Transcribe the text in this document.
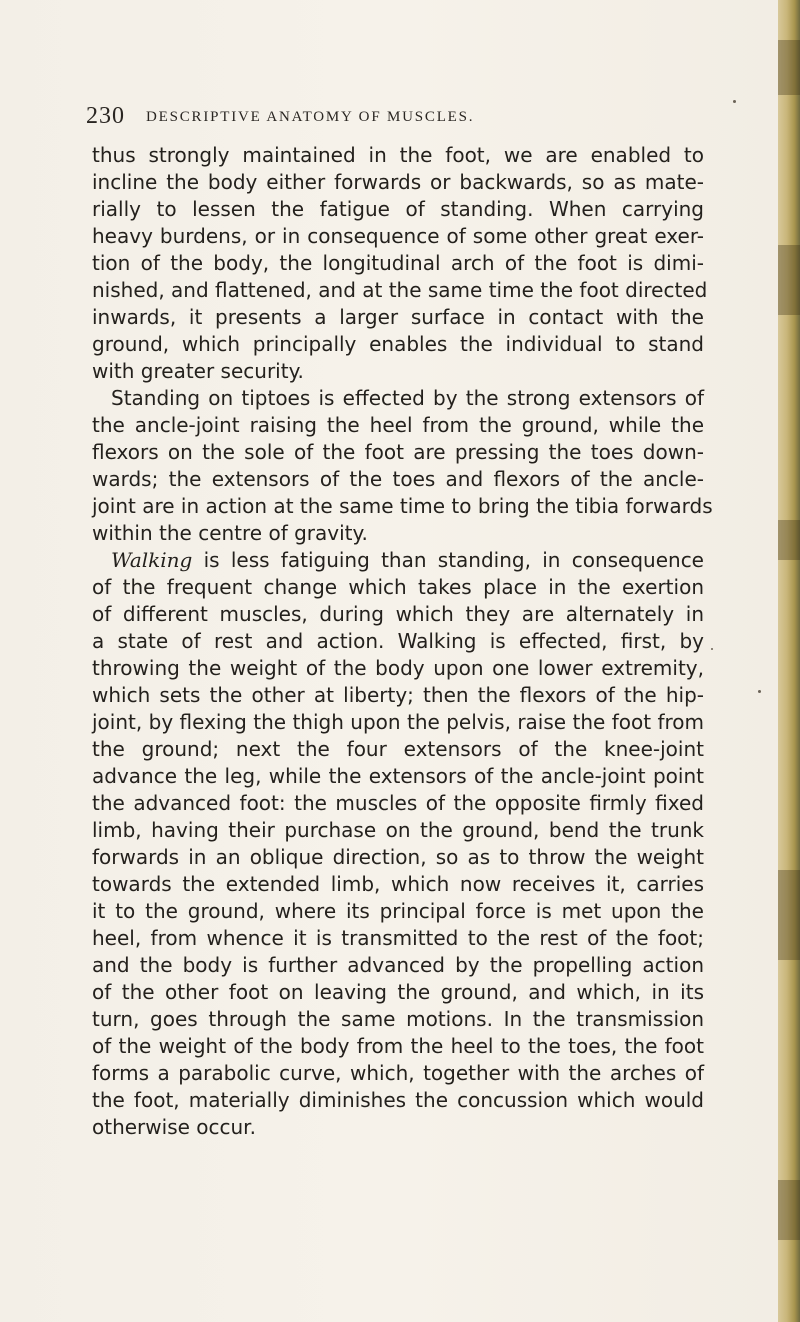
230 DESCRIPTIVE ANATOMY OF MUSCLES.
thus strongly maintained in the foot, we are enabled to
incline the body either forwards or backwards, so as mate-
rially to lessen the fatigue of standing. When carrying
heavy burdens, or in consequence of some other great exer-
tion of the body, the longitudinal arch of the foot is dimi-
nished, and flattened, and at the same time the foot directed
inwards, it presents a larger surface in contact with the
ground, which principally enables the individual to stand
with greater security.
Standing on tiptoes is effected by the strong extensors of
the ancle-joint raising the heel from the ground, while the
flexors on the sole of the foot are pressing the toes down-
wards; the extensors of the toes and flexors of the ancle-
joint are in action at the same time to bring the tibia forwards
within the centre of gravity.
Walking is less fatiguing than standing, in consequence
of the frequent change which takes place in the exertion
of different muscles, during which they are alternately in
a state of rest and action. Walking is effected, first, by
throwing the weight of the body upon one lower extremity,
which sets the other at liberty; then the flexors of the hip-
joint, by flexing the thigh upon the pelvis, raise the foot from
the ground; next the four extensors of the knee-joint
advance the leg, while the extensors of the ancle-joint point
the advanced foot: the muscles of the opposite firmly fixed
limb, having their purchase on the ground, bend the trunk
forwards in an oblique direction, so as to throw the weight
towards the extended limb, which now receives it, carries
it to the ground, where its principal force is met upon the
heel, from whence it is transmitted to the rest of the foot;
and the body is further advanced by the propelling action
of the other foot on leaving the ground, and which, in its
turn, goes through the same motions. In the transmission
of the weight of the body from the heel to the toes, the foot
forms a parabolic curve, which, together with the arches of
the foot, materially diminishes the concussion which would
otherwise occur.
